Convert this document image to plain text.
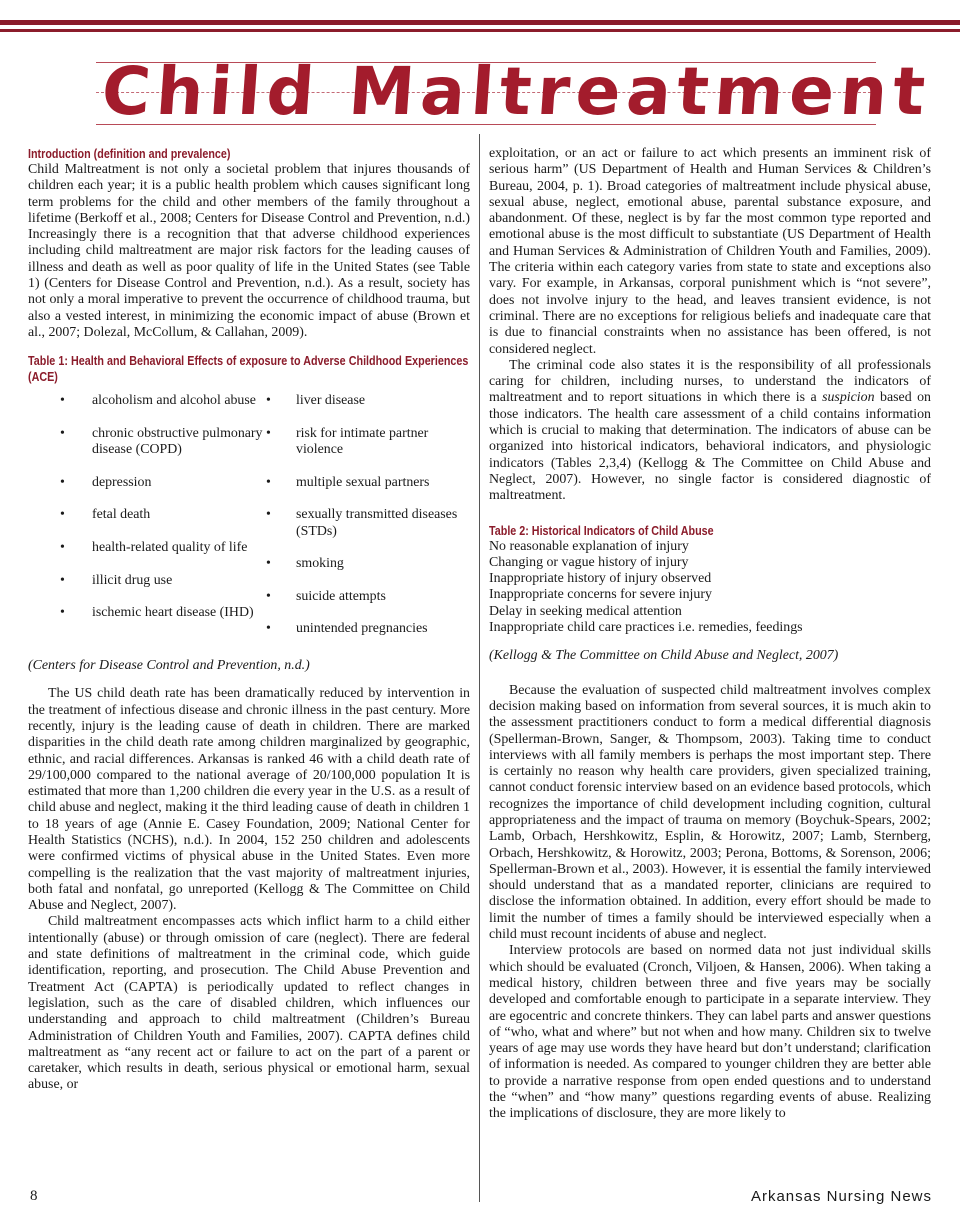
Child Maltreatment
Introduction (definition and prevalence)

Child Maltreatment is not only a societal problem that injures thousands of children each year; it is a public health problem which causes significant long term problems for the child and other members of the family throughout a lifetime (Berkoff et al., 2008; Centers for Disease Control and Prevention, n.d.) Increasingly there is a recognition that that adverse childhood experiences including child maltreatment are major risk factors for the leading causes of illness and death as well as poor quality of life in the United States (see Table 1) (Centers for Disease Control and Prevention, n.d.). As a result, society has not only a moral imperative to prevent the occurrence of childhood trauma, but also a vested interest, in minimizing the economic impact of abuse (Brown et al., 2007; Dolezal, McCollum, & Callahan, 2009).

Table 1: Health and Behavioral Effects of exposure to Adverse Childhood Experiences (ACE)
• alcoholism and alcohol abuse
• chronic obstructive pulmonary disease (COPD)
• depression
• fetal death
• health-related quality of life
• illicit drug use
• ischemic heart disease (IHD)
• liver disease
• risk for intimate partner violence
• multiple sexual partners
• sexually transmitted diseases (STDs)
• smoking
• suicide attempts
• unintended pregnancies

(Centers for Disease Control and Prevention, n.d.)

The US child death rate has been dramatically reduced by intervention in the treatment of infectious disease and chronic illness in the past century. More recently, injury is the leading cause of death in children. There are marked disparities in the child death rate among children marginalized by geographic, ethnic, and racial differences. Arkansas is ranked 46 with a child death rate of 29/100,000 compared to the national average of 20/100,000 population It is estimated that more than 1,200 children die every year in the U.S. as a result of child abuse and neglect, making it the third leading cause of death in children 1 to 18 years of age (Annie E. Casey Foundation, 2009; National Center for Health Statistics (NCHS), n.d.). In 2004, 152 250 children and adolescents were confirmed victims of physical abuse in the United States. Even more compelling is the realization that the vast majority of maltreatment injuries, both fatal and nonfatal, go unreported (Kellogg & The Committee on Child Abuse and Neglect, 2007).

Child maltreatment encompasses acts which inflict harm to a child either intentionally (abuse) or through omission of care (neglect). There are federal and state definitions of maltreatment in the criminal code, which guide identification, reporting, and prosecution. The Child Abuse Prevention and Treatment Act (CAPTA) is periodically updated to reflect changes in legislation, such as the care of disabled children, which influences our understanding and approach to child maltreatment (Children’s Bureau Administration of Children Youth and Families, 2007). CAPTA defines child maltreatment as “any recent act or failure to act on the part of a parent or caretaker, which results in death, serious physical or emotional harm, sexual abuse, or

exploitation, or an act or failure to act which presents an imminent risk of serious harm” (US Department of Health and Human Services & Children’s Bureau, 2004, p. 1). Broad categories of maltreatment include physical abuse, sexual abuse, neglect, emotional abuse, parental substance exposure, and abandonment. Of these, neglect is by far the most common type reported and emotional abuse is the most difficult to substantiate (US Department of Health and Human Services & Administration of Children Youth and Families, 2009). The criteria within each category varies from state to state and exceptions also vary. For example, in Arkansas, corporal punishment which is “not severe”, does not involve injury to the head, and leaves transient evidence, is not criminal. There are no exceptions for religious beliefs and inadequate care that is due to financial constraints when no assistance has been offered, is not considered neglect.

The criminal code also states it is the responsibility of all professionals caring for children, including nurses, to understand the indicators of maltreatment and to report situations in which there is a suspicion based on those indicators. The health care assessment of a child contains information which is crucial to making that determination. The indicators of abuse can be organized into historical indicators, behavioral indicators, and physiologic indicators (Tables 2,3,4) (Kellogg & The Committee on Child Abuse and Neglect, 2007). However, no single factor is considered diagnostic of maltreatment.

Table 2: Historical Indicators of Child Abuse

No reasonable explanation of injury

Changing or vague history of injury

Inappropriate history of injury observed

Inappropriate concerns for severe injury

Delay in seeking medical attention

Inappropriate child care practices i.e. remedies, feedings

(Kellogg & The Committee on Child Abuse and Neglect, 2007)

Because the evaluation of suspected child maltreatment involves complex decision making based on information from several sources, it is much akin to the assessment practitioners conduct to form a medical differential diagnosis (Spellerman-Brown, Sanger, & Thompsom, 2003). Taking time to conduct interviews with all family members is perhaps the most important step. There is certainly no reason why health care providers, given specialized training, cannot conduct forensic interview based on an evidence based protocols, which recognizes the importance of child development including cognition, cultural appropriateness and the impact of trauma on memory (Boychuk-Spears, 2002; Lamb, Orbach, Hershkowitz, Esplin, & Horowitz, 2007; Lamb, Sternberg, Orbach, Hershkowitz, & Horowitz, 2003; Perona, Bottoms, & Sorenson, 2006; Spellerman-Brown et al., 2003). However, it is essential the family interviewed should understand that as a mandated reporter, clinicians are required to disclose the information obtained. In addition, every effort should be made to limit the number of times a family should be interviewed especially when a child must recount incidents of abuse and neglect.

Interview protocols are based on normed data not just individual skills which should be evaluated (Cronch, Viljoen, & Hansen, 2006). When taking a medical history, children between three and five years may be socially developed and comfortable enough to participate in a separate interview. They are egocentric and concrete thinkers. They can label parts and answer questions of “who, what and where” but not when and how many. Children six to twelve years of age may use words they have heard but don’t understand; clarification of information is needed. As compared to younger children they are better able to provide a narrative response from open ended questions and to understand the “when” and “how many” questions regarding events of abuse. Realizing the implications of disclosure, they are more likely to

8	Arkansas Nursing News
